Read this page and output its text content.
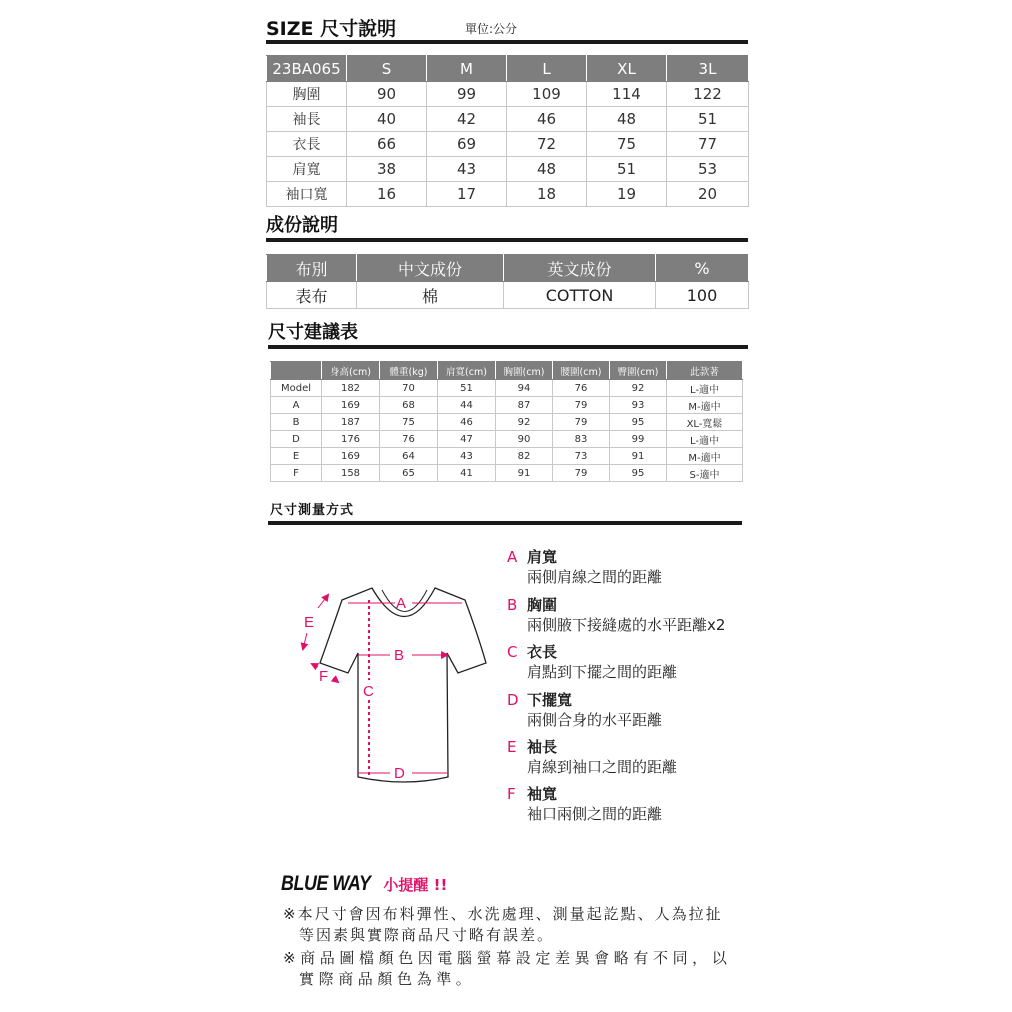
SIZE 尺寸說明	單位:公分
23BA065	S	M	L	XL	3L
胸圍	90	99	109	114	122
袖長	40	42	46	48	51
衣長	66	69	72	75	77
肩寬	38	43	48	51	53
袖口寬	16	17	18	19	20
成份說明
布別	中文成份	英文成份	%
表布	棉	COTTON	100
尺寸建議表
	身高(cm)	體重(kg)	肩寬(cm)	胸圍(cm)	腰圍(cm)	臀圍(cm)	此款著
Model	182	70	51	94	76	92	L-適中
A	169	68	44	87	79	93	M-適中
B	187	75	46	92	79	95	XL-寬鬆
D	176	76	47	90	83	99	L-適中
E	169	64	43	82	73	91	M-適中
F	158	65	41	91	79	95	S-適中
尺寸測量方式
A
B
C
D
E
F
A 肩寬
兩側肩線之間的距離
B 胸圍
兩側腋下接縫處的水平距離x2
C 衣長
肩點到下擺之間的距離
D 下擺寬
兩側合身的水平距離
E 袖長
肩線到袖口之間的距離
F 袖寬
袖口兩側之間的距離
BLUE WAY 小提醒 !!
※本尺寸會因布料彈性、水洗處理、測量起訖點、人為拉扯
等因素與實際商品尺寸略有誤差。
※商品圖檔顏色因電腦螢幕設定差異會略有不同，以
實際商品顏色為準。
